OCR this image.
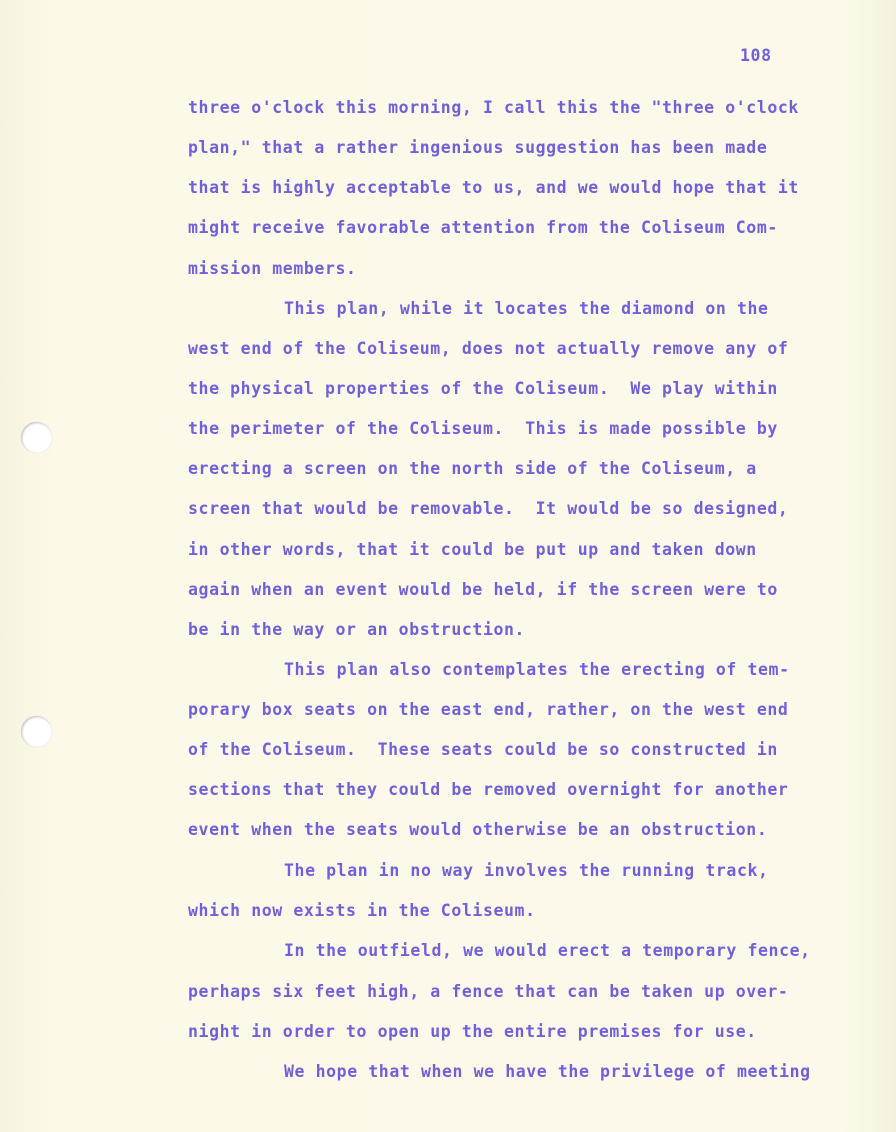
108
three o'clock this morning, I call this the "three o'clock
plan," that a rather ingenious suggestion has been made
that is highly acceptable to us, and we would hope that it
might receive favorable attention from the Coliseum Com-
mission members.
This plan, while it locates the diamond on the
west end of the Coliseum, does not actually remove any of
the physical properties of the Coliseum.  We play within
the perimeter of the Coliseum.  This is made possible by
erecting a screen on the north side of the Coliseum, a
screen that would be removable.  It would be so designed,
in other words, that it could be put up and taken down
again when an event would be held, if the screen were to
be in the way or an obstruction.
This plan also contemplates the erecting of tem-
porary box seats on the east end, rather, on the west end
of the Coliseum.  These seats could be so constructed in
sections that they could be removed overnight for another
event when the seats would otherwise be an obstruction.
The plan in no way involves the running track,
which now exists in the Coliseum.
In the outfield, we would erect a temporary fence,
perhaps six feet high, a fence that can be taken up over-
night in order to open up the entire premises for use.
We hope that when we have the privilege of meeting
